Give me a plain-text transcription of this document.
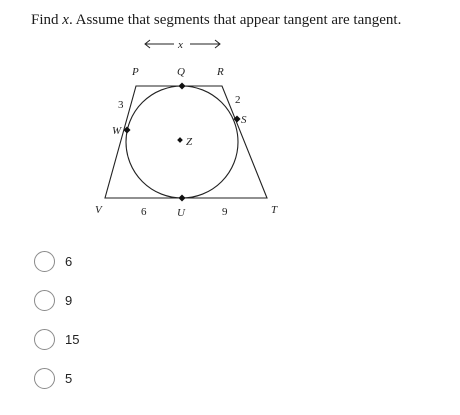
Find x. Assume that segments that appear tangent are tangent.
x
P	Q	R
S
W
Z
V	U	T
3	2
6	9
6
9
15
5
